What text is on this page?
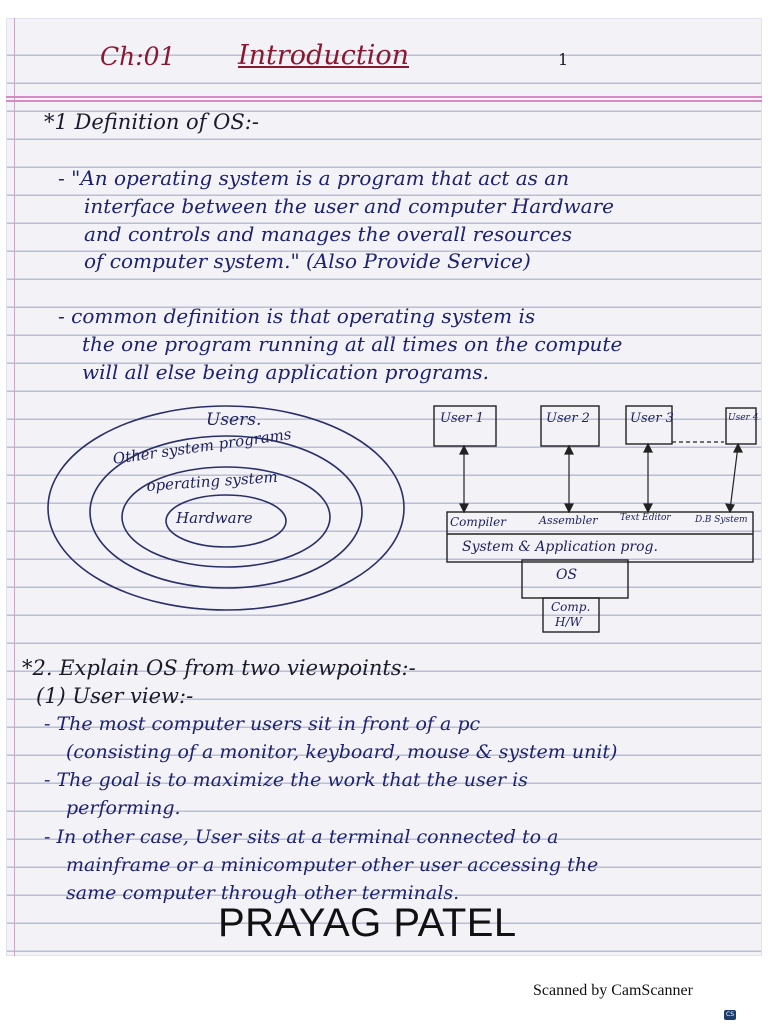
Ch:01 Introduction	1
*1 Definition of OS:-
- "An operating system is a program that act as an
interface between the user and computer Hardware
and controls and manages the overall resources
of computer system." (Also Provide Service)
- common definition is that operating system is
the one program running at all times on the compute
will all else being application programs.
Users.
Other system programs
operating system
Hardware
User 1	User 2	User 3	User 4
Compiler	Assembler Text Editor	D.B System
System & Application prog.
OS
Comp.
H/W
*2. Explain OS from two viewpoints:-
(1) User view:-
- The most computer users sit in front of a pc
(consisting of a monitor, keyboard, mouse & system unit)
- The goal is to maximize the work that the user is
performing.
- In other case, User sits at a terminal connected to a
mainframe or a minicomputer other user accessing the
same computer through other terminals.
PRAYAG PATEL
Scanned by CamScanner
CS
